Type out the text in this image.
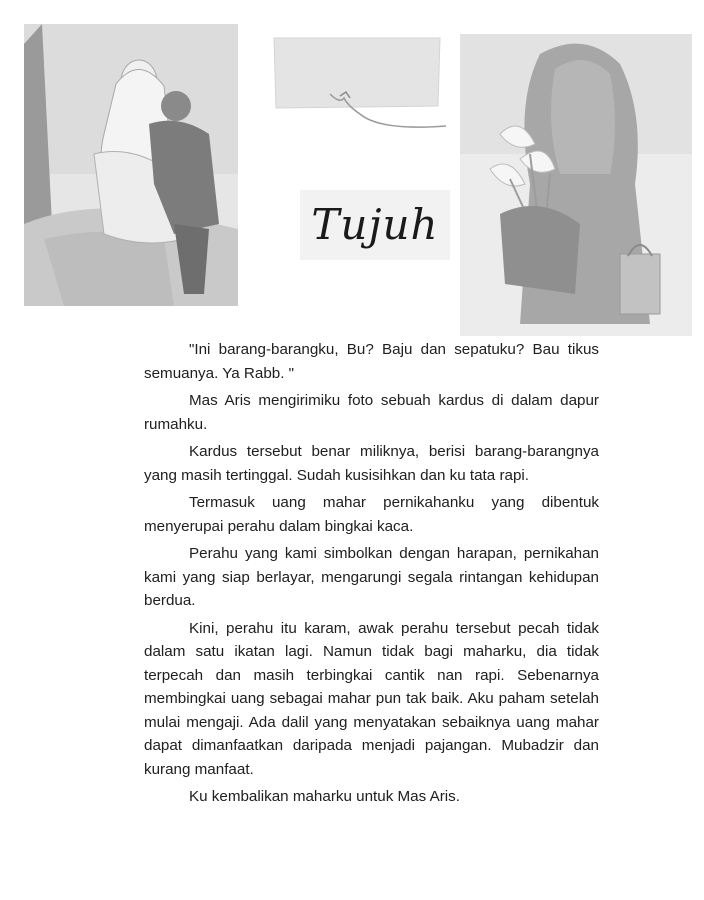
Tujuh

"Ini barang-barangku, Bu? Baju dan sepatuku? Bau tikus semuanya. Ya Rabb. "

Mas Aris mengirimiku foto sebuah kardus di dalam dapur rumahku.

Kardus tersebut benar miliknya, berisi barang-barangnya yang masih tertinggal. Sudah kusisihkan dan ku tata rapi.

Termasuk uang mahar pernikahanku yang dibentuk menyerupai perahu dalam bingkai kaca.

Perahu yang kami simbolkan dengan harapan, pernikahan kami yang siap berlayar, mengarungi segala rintangan kehidupan berdua.

Kini, perahu itu karam, awak perahu tersebut pecah tidak dalam satu ikatan lagi. Namun tidak bagi maharku, dia tidak terpecah dan masih terbingkai cantik nan rapi. Sebenarnya membingkai uang sebagai mahar pun tak baik. Aku paham setelah mulai mengaji. Ada dalil yang menyatakan sebaiknya uang mahar dapat dimanfaatkan daripada menjadi pajangan. Mubadzir dan kurang manfaat.

Ku kembalikan maharku untuk Mas Aris.
